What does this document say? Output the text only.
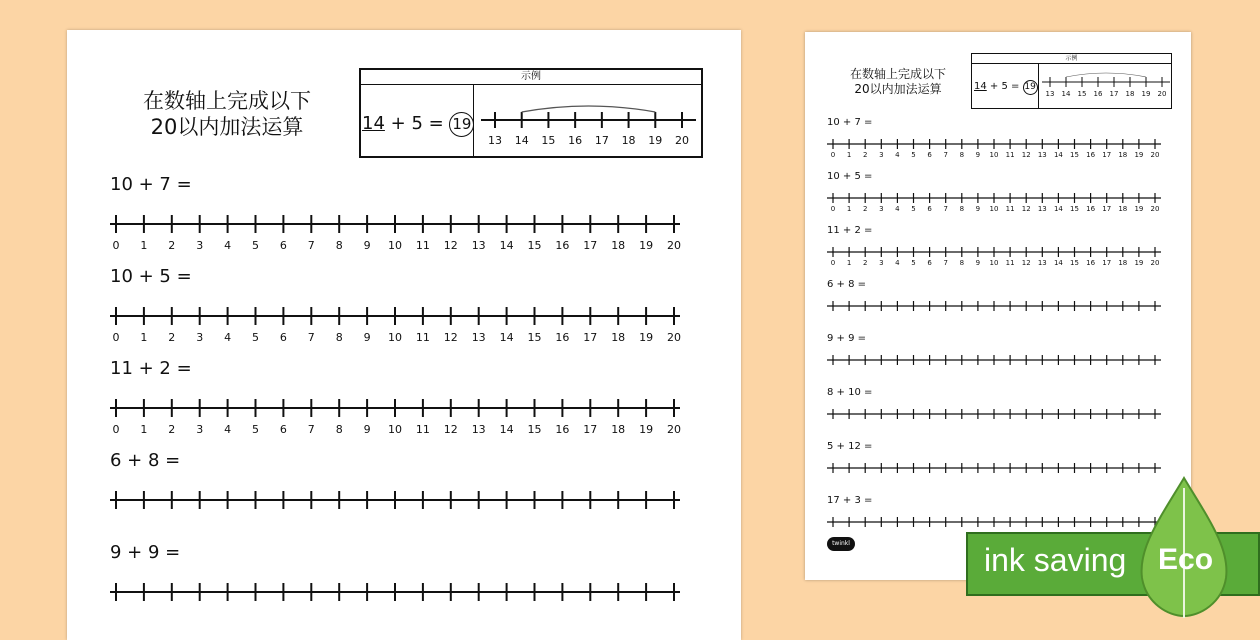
在数轴上完成以下
20以内加法运算
示例
14 + 5 = 19
13 14 15 16 17 18 19 20
10 + 7 =
0 1 2 3 4 5 6 7 8 9 10 11 12 13 14 15 16 17 18 19 20
10 + 5 =
0 1 2 3 4 5 6 7 8 9 10 11 12 13 14 15 16 17 18 19 20
11 + 2 =
0 1 2 3 4 5 6 7 8 9 10 11 12 13 14 15 16 17 18 19 20
6 + 8 =
9 + 9 =
在数轴上完成以下
20以内加法运算
示例
14 + 5 = 19
13 14 15 16 17 18 19 20
10 + 7 =
0 1 2 3 4 5 6 7 8 9 10 11 12 13 14 15 16 17 18 19 20
10 + 5 =
0 1 2 3 4 5 6 7 8 9 10 11 12 13 14 15 16 17 18 19 20
11 + 2 =
0 1 2 3 4 5 6 7 8 9 10 11 12 13 14 15 16 17 18 19 20
6 + 8 =
9 + 9 =
8 + 10 =
5 + 12 =
17 + 3 =
twinkl	ink saving Eco
